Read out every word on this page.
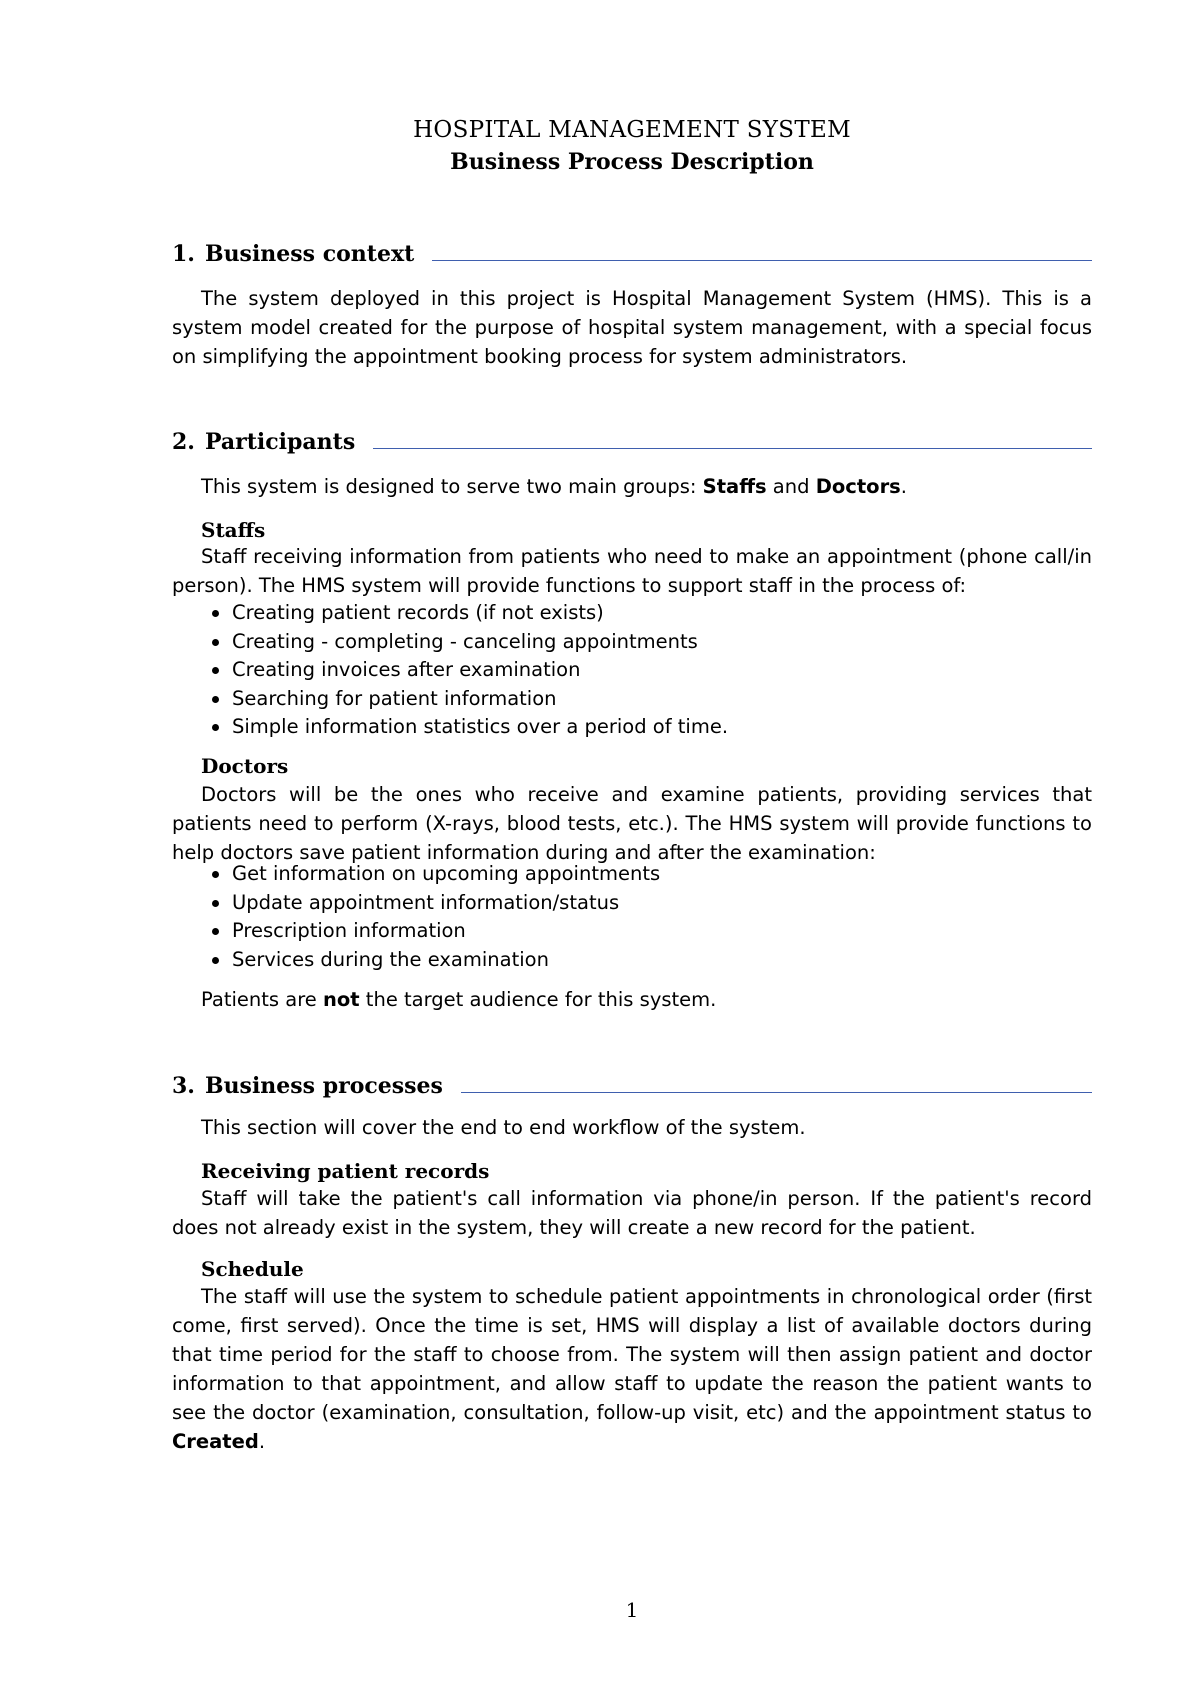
HOSPITAL MANAGEMENT SYSTEM
Business Process Description
1. Business context

The system deployed in this project is Hospital Management System (HMS). This is a system model created for the purpose of hospital system management, with a special focus on simplifying the appointment booking process for system administrators.

2. Participants

This system is designed to serve two main groups: Staffs and Doctors.

Staffs

Staff receiving information from patients who need to make an appointment (phone call/in person). The HMS system will provide functions to support staff in the process of:

Creating patient records (if not exists)
Creating - completing - canceling appointments
Creating invoices after examination
Searching for patient information
Simple information statistics over a period of time.
Doctors

Doctors will be the ones who receive and examine patients, providing services that patients need to perform (X-rays, blood tests, etc.). The HMS system will provide functions to help doctors save patient information during and after the examination:

Get information on upcoming appointments
Update appointment information/status
Prescription information
Services during the examination

Patients are not the target audience for this system.

3. Business processes

This section will cover the end to end workflow of the system.

Receiving patient records

Staff will take the patient's call information via phone/in person. If the patient's record does not already exist in the system, they will create a new record for the patient.

Schedule

The staff will use the system to schedule patient appointments in chronological order (first come, first served). Once the time is set, HMS will display a list of available doctors during that time period for the staff to choose from. The system will then assign patient and doctor information to that appointment, and allow staff to update the reason the patient wants to see the doctor (examination, consultation, follow-up visit, etc) and the appointment status to Created.

1
